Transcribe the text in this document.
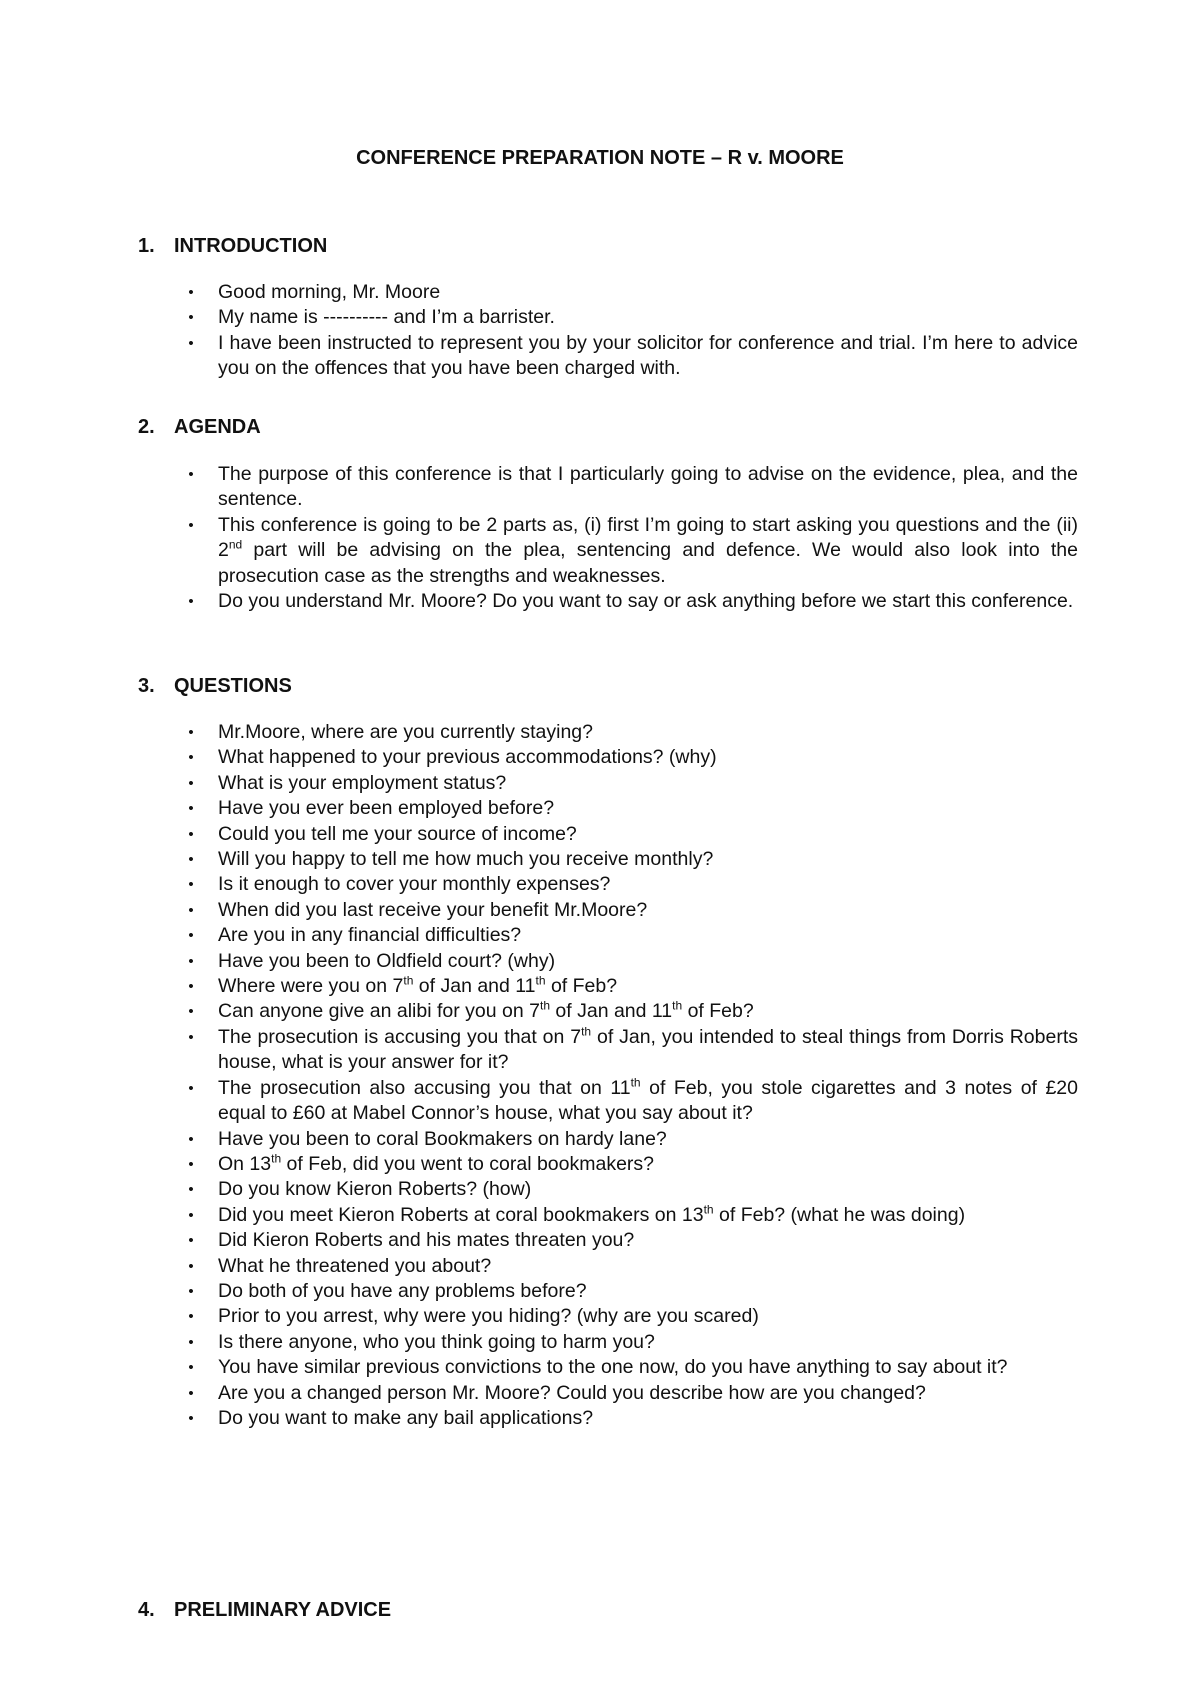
CONFERENCE PREPARATION NOTE – R v. MOORE
1. INTRODUCTION
• Good morning, Mr. Moore
• My name is ---------- and I’m a barrister.
• I have been instructed to represent you by your solicitor for conference and trial. I’m here to advice you on the offences that you have been charged with.
2. AGENDA
• The purpose of this conference is that I particularly going to advise on the evidence, plea, and the sentence.
• This conference is going to be 2 parts as, (i) first I’m going to start asking you questions and the (ii) 2nd part will be advising on the plea, sentencing and defence. We would also look into the prosecution case as the strengths and weaknesses.
• Do you understand Mr. Moore? Do you want to say or ask anything before we start this conference.
3. QUESTIONS
• Mr.Moore, where are you currently staying?
• What happened to your previous accommodations? (why)
• What is your employment status?
• Have you ever been employed before?
• Could you tell me your source of income?
• Will you happy to tell me how much you receive monthly?
• Is it enough to cover your monthly expenses?
• When did you last receive your benefit Mr.Moore?
• Are you in any financial difficulties?
• Have you been to Oldfield court? (why)
• Where were you on 7th of Jan and 11th of Feb?
• Can anyone give an alibi for you on 7th of Jan and 11th of Feb?
• The prosecution is accusing you that on 7th of Jan, you intended to steal things from Dorris Roberts house, what is your answer for it?
• The prosecution also accusing you that on 11th of Feb, you stole cigarettes and 3 notes of £20 equal to £60 at Mabel Connor’s house, what you say about it?
• Have you been to coral Bookmakers on hardy lane?
• On 13th of Feb, did you went to coral bookmakers?
• Do you know Kieron Roberts? (how)
• Did you meet Kieron Roberts at coral bookmakers on 13th of Feb? (what he was doing)
• Did Kieron Roberts and his mates threaten you?
• What he threatened you about?
• Do both of you have any problems before?
• Prior to you arrest, why were you hiding? (why are you scared)
• Is there anyone, who you think going to harm you?
• You have similar previous convictions to the one now, do you have anything to say about it?
• Are you a changed person Mr. Moore? Could you describe how are you changed?
• Do you want to make any bail applications?
4. PRELIMINARY ADVICE
